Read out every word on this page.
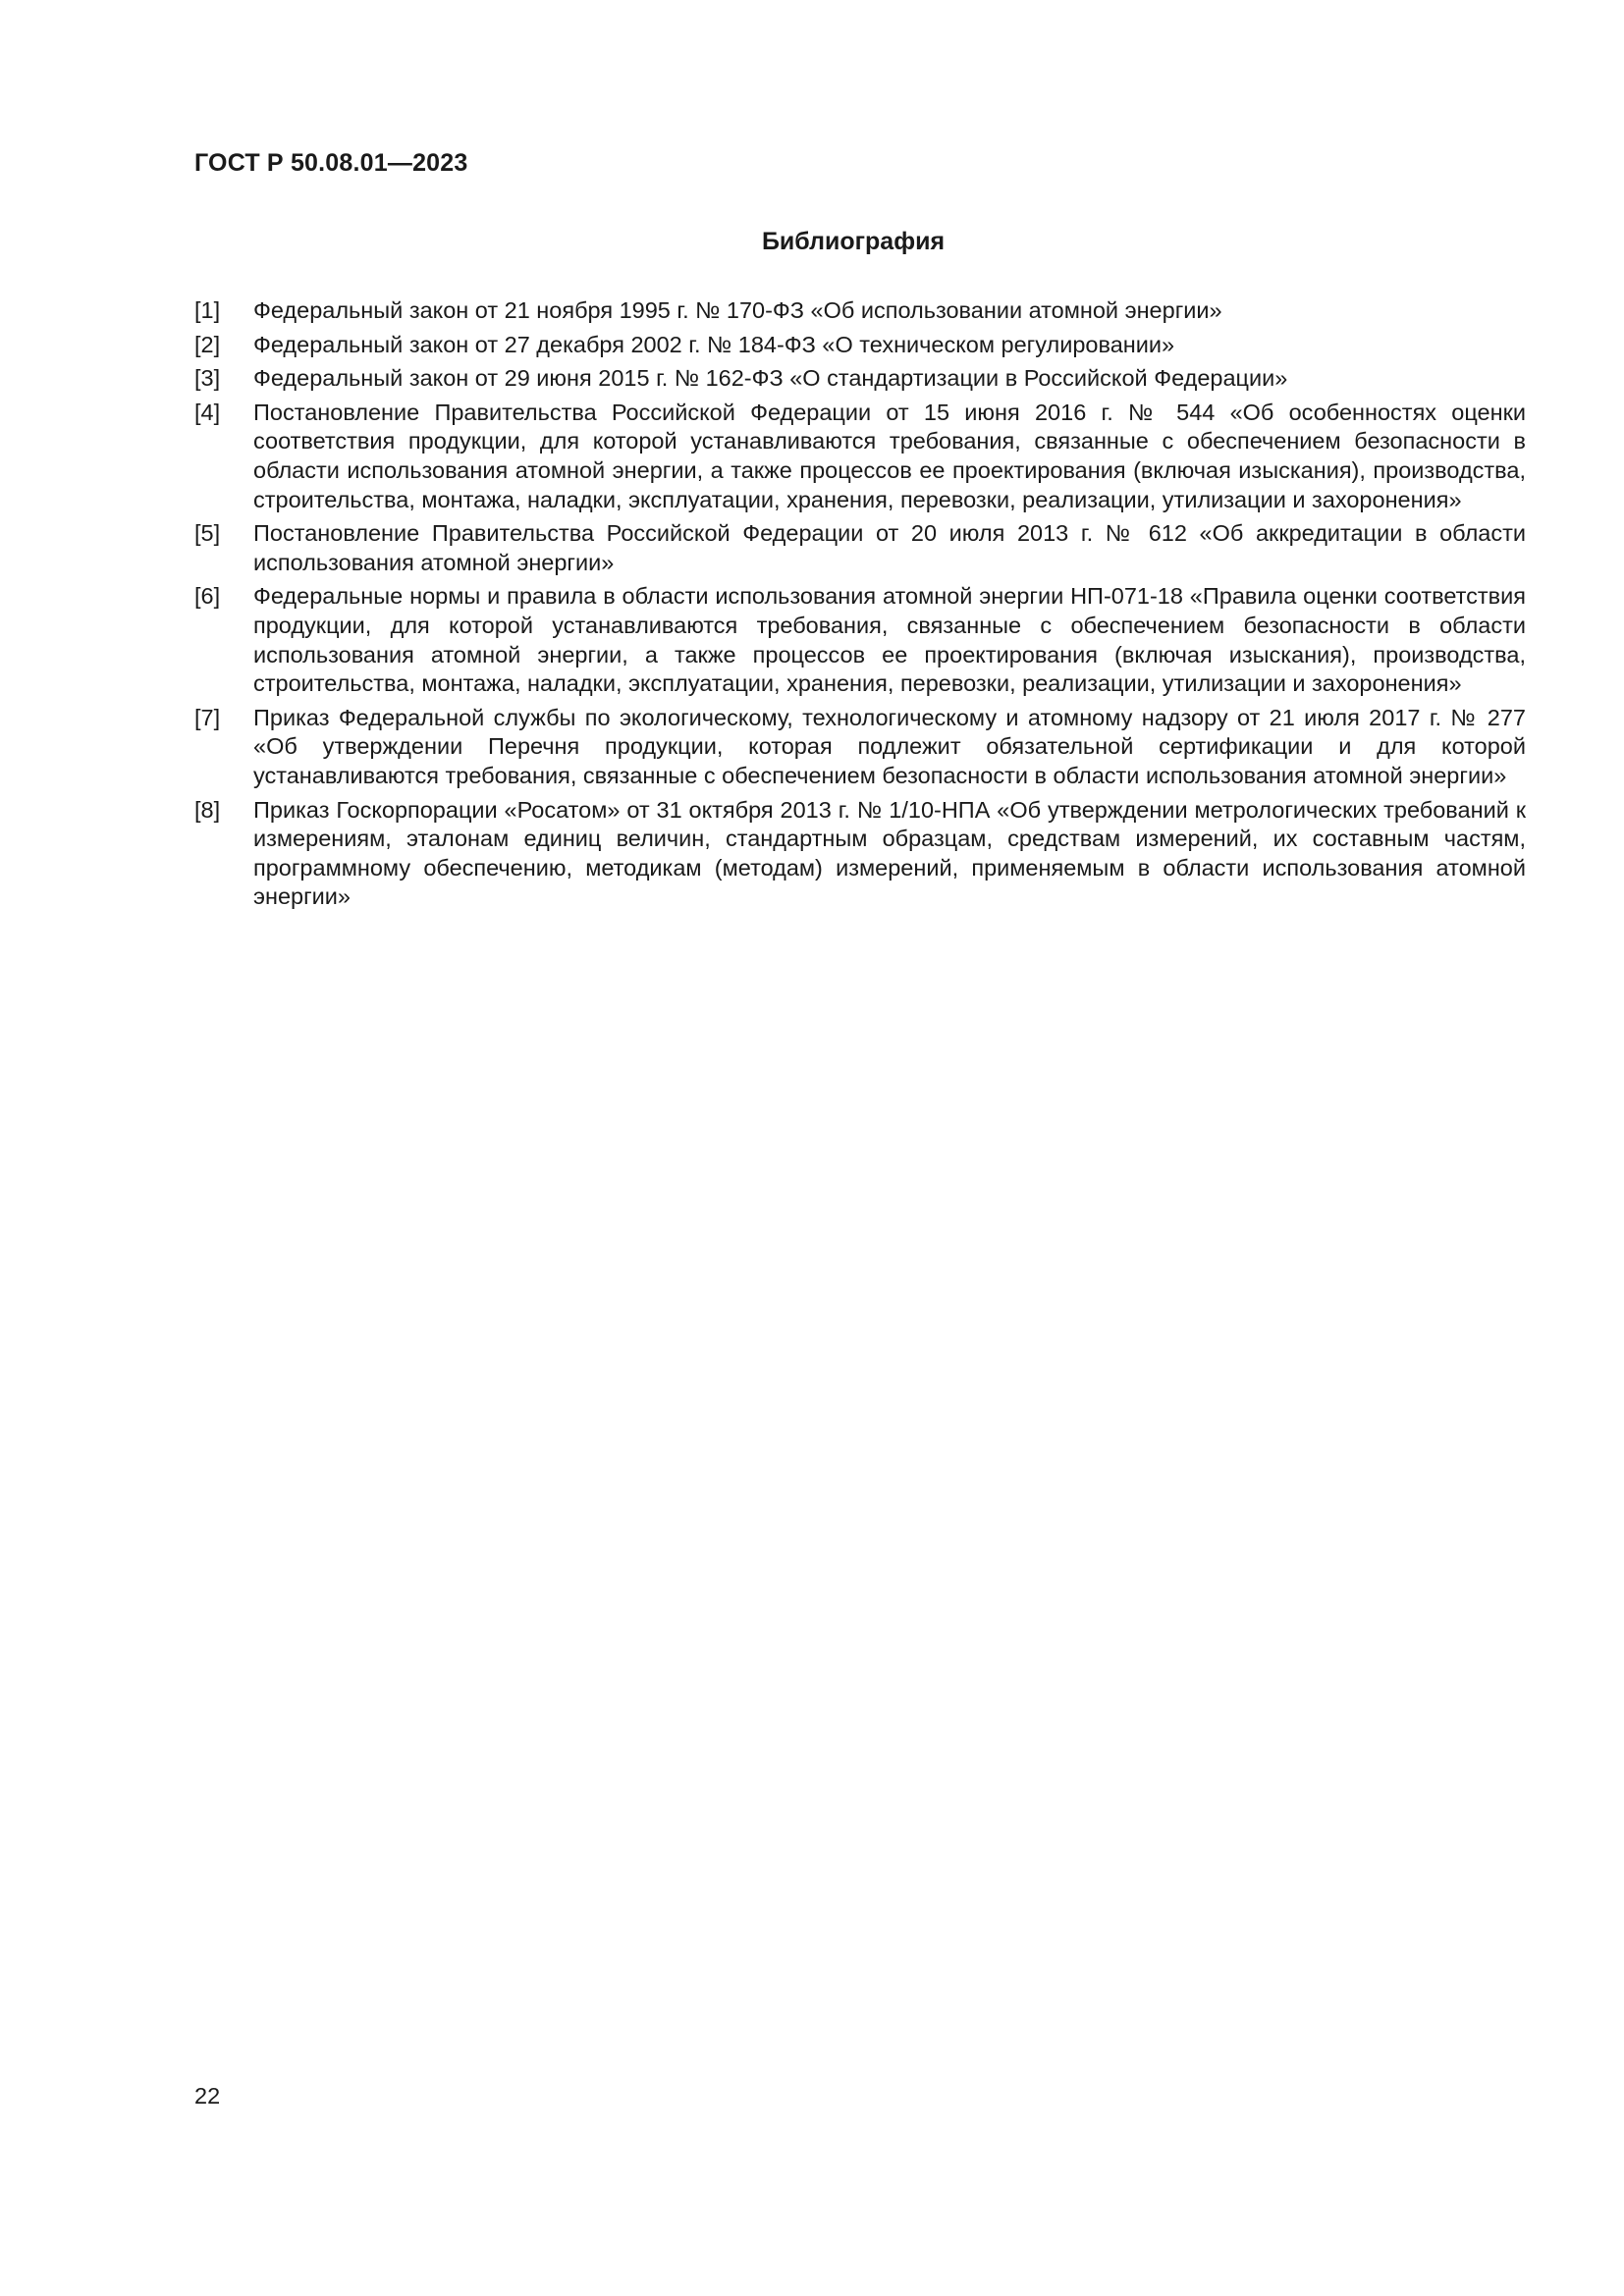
ГОСТ Р 50.08.01—2023
Библиография
[1]	Федеральный закон от 21 ноября 1995 г. № 170-ФЗ «Об использовании атомной энергии»
[2]	Федеральный закон от 27 декабря 2002 г. № 184-ФЗ «О техническом регулировании»
[3]	Федеральный закон от 29 июня 2015 г. № 162-ФЗ «О стандартизации в Российской Федерации»
[4]	Постановление Правительства Российской Федерации от 15 июня 2016 г. № 544 «Об особенностях оценки соответствия продукции, для которой устанавливаются требования, связанные с обеспечением безопасности в области использования атомной энергии, а также процессов ее проектирования (включая изыскания), производства, строительства, монтажа, наладки, эксплуатации, хранения, перевозки, реализации, утилизации и захоронения»
[5]	Постановление Правительства Российской Федерации от 20 июля 2013 г. № 612 «Об аккредитации в области использования атомной энергии»
[6]	Федеральные нормы и правила в области использования атомной энергии НП-071-18 «Правила оценки соответствия продукции, для которой устанавливаются требования, связанные с обеспечением безопасности в области использования атомной энергии, а также процессов ее проектирования (включая изыскания), производства, строительства, монтажа, наладки, эксплуатации, хранения, перевозки, реализации, утилизации и захоронения»
[7]	Приказ Федеральной службы по экологическому, технологическому и атомному надзору от 21 июля 2017 г. № 277 «Об утверждении Перечня продукции, которая подлежит обязательной сертификации и для которой устанавливаются требования, связанные с обеспечением безопасности в области использования атомной энергии»
[8]	Приказ Госкорпорации «Росатом» от 31 октября 2013 г. № 1/10-НПА «Об утверждении метрологических требований к измерениям, эталонам единиц величин, стандартным образцам, средствам измерений, их составным частям, программному обеспечению, методикам (методам) измерений, применяемым в области использования атомной энергии»
22
